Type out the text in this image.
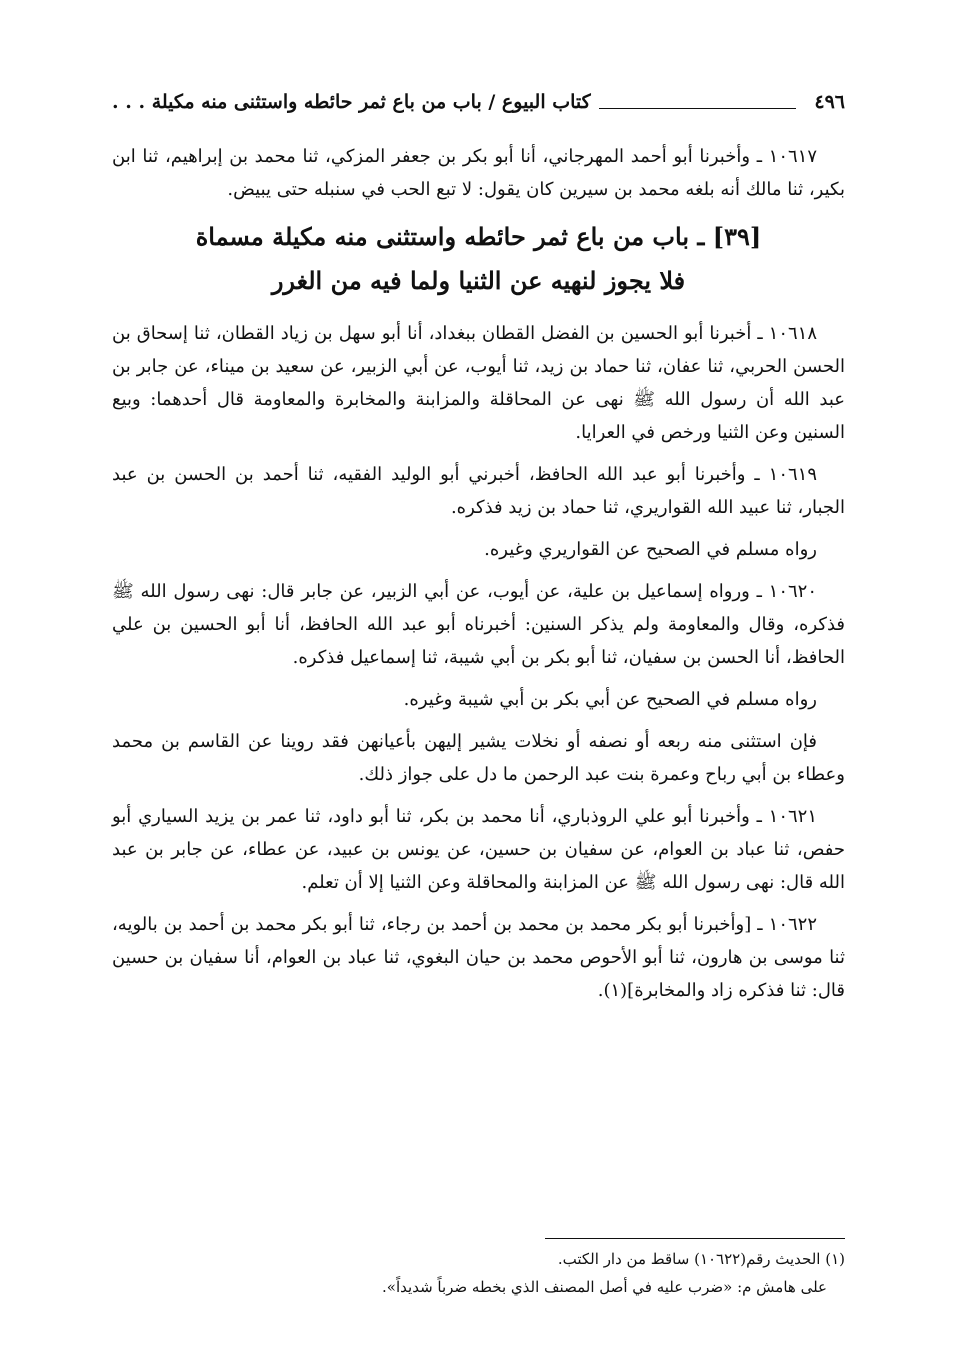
٤٩٦
كتاب البيوع / باب من باع ثمر حائطه واستثنى منه مكيلة . . .

١٠٦١٧ ـ وأخبرنا أبو أحمد المهرجاني، أنا أبو بكر بن جعفر المزكي، ثنا محمد بن إبراهيم، ثنا ابن بكير، ثنا مالك أنه بلغه محمد بن سيرين كان يقول: لا تبع الحب في سنبله حتى يبيض.

[٣٩] ـ باب من باع ثمر حائطه واستثنى منه مكيلة مسماة
فلا يجوز لنهيه عن الثنيا ولما فيه من الغرر

١٠٦١٨ ـ أخبرنا أبو الحسين بن الفضل القطان ببغداد، أنا أبو سهل بن زياد القطان، ثنا إسحاق بن الحسن الحربي، ثنا عفان، ثنا حماد بن زيد، ثنا أيوب، عن أبي الزبير، عن سعيد بن ميناء، عن جابر بن عبد الله أن رسول الله ﷺ نهى عن المحاقلة والمزابنة والمخابرة والمعاومة قال أحدهما: وبيع السنين وعن الثنيا ورخص في العرايا.

١٠٦١٩ ـ وأخبرنا أبو عبد الله الحافظ، أخبرني أبو الوليد الفقيه، ثنا أحمد بن الحسن بن عبد الجبار، ثنا عبيد الله القواريري، ثنا حماد بن زيد فذكره.

رواه مسلم في الصحيح عن القواريري وغيره.

١٠٦٢٠ ـ ورواه إسماعيل بن علية، عن أيوب، عن أبي الزبير، عن جابر قال: نهى رسول الله ﷺ فذكره، وقال والمعاومة ولم يذكر السنين: أخبرناه أبو عبد الله الحافظ، أنا أبو الحسين بن علي الحافظ، أنا الحسن بن سفيان، ثنا أبو بكر بن أبي شيبة، ثنا إسماعيل فذكره.

رواه مسلم في الصحيح عن أبي بكر بن أبي شيبة وغيره.

فإن استثنى منه ربعه أو نصفه أو نخلات يشير إليهن بأعيانهن فقد روينا عن القاسم بن محمد وعطاء بن أبي رباح وعمرة بنت عبد الرحمن ما دل على جواز ذلك.

١٠٦٢١ ـ وأخبرنا أبو علي الروذباري، أنا محمد بن بكر، ثنا أبو داود، ثنا عمر بن يزيد السياري أبو حفص، ثنا عباد بن العوام، عن سفيان بن حسين، عن يونس بن عبيد، عن عطاء، عن جابر بن عبد الله قال: نهى رسول الله ﷺ عن المزابنة والمحاقلة وعن الثنيا إلا أن تعلم.

١٠٦٢٢ ـ [وأخبرنا أبو بكر محمد بن محمد بن أحمد بن رجاء، ثنا أبو بكر محمد بن أحمد بن بالويه، ثنا موسى بن هارون، ثنا أبو الأحوص محمد بن حيان البغوي، ثنا عباد بن العوام، أنا سفيان بن حسين قال: ثنا فذكره زاد والمخابرة](١).

(١) الحديث رقم(١٠٦٢٢) ساقط من دار الكتب.

على هامش م: «ضرب عليه في أصل المصنف الذي بخطه ضرباً شديداً».
